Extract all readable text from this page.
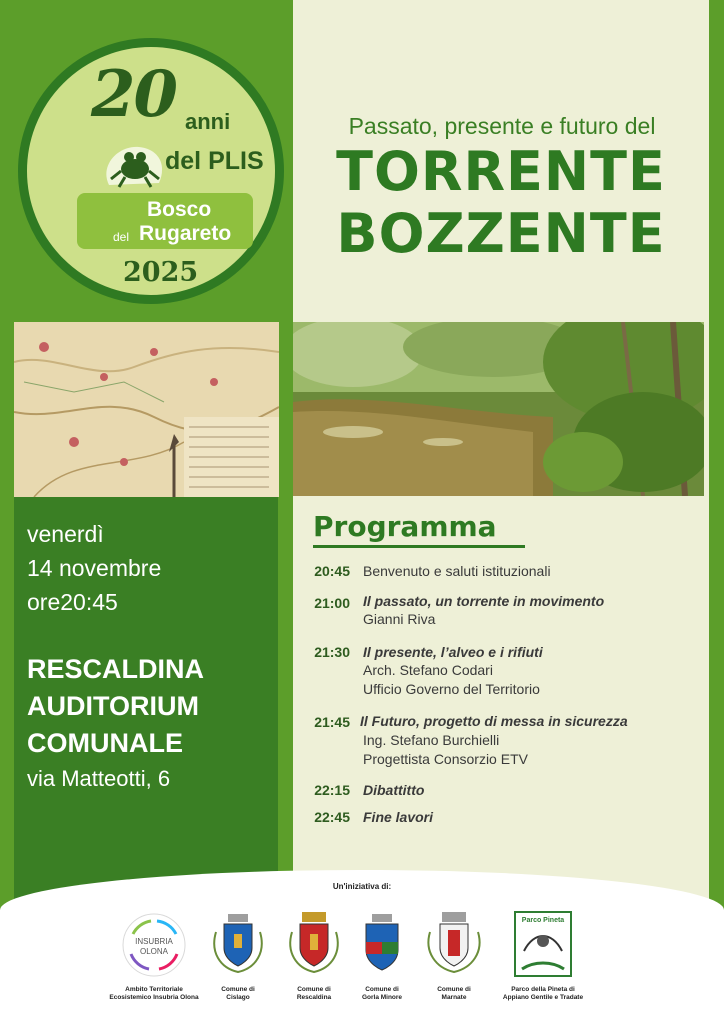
20 anni
del PLIS
Bosco
del Rugareto
2025
Passato, presente e futuro del
TORRENTE
BOZZENTE
venerdì
14 novembre
ore20:45
RESCALDINA
AUDITORIUM
COMUNALE
via Matteotti, 6
Programma
20:45 Benvenuto e saluti istituzionali
21:00 Il passato, un torrente in movimento
Gianni Riva
21:30 Il presente, l’alveo e i rifiuti
Arch. Stefano Codari
Ufficio Governo del Territorio
21:45 Il Futuro, progetto di messa in sicurezza
Ing. Stefano Burchielli
Progettista Consorzio ETV
22:15 Dibattitto
22:45 Fine lavori
Un'iniziativa di:
INSUBRIA
OLONA
Ambito Territoriale
Ecosistemico Insubria Olona
Comune di
Cislago
Comune di
Rescaldina
Comune di
Gorla Minore
Comune di
Marnate
Parco Pineta
Parco della Pineta di
Appiano Gentile e Tradate
